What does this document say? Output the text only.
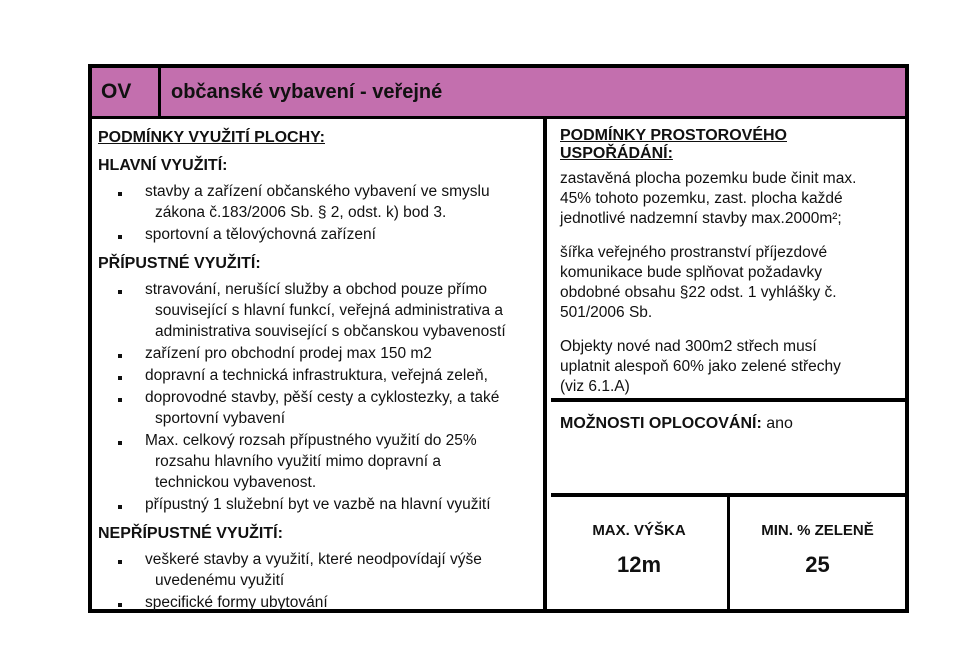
OV	občanské vybavení - veřejné
PODMÍNKY VYUŽITÍ PLOCHY:
HLAVNÍ VYUŽITÍ:
stavby a zařízení občanského vybavení ve smyslu zákona č.183/2006 Sb. § 2, odst. k) bod 3.
sportovní a tělovýchovná zařízení
PŘÍPUSTNÉ VYUŽITÍ:
stravování, nerušící služby a obchod pouze přímo související s hlavní funkcí, veřejná administrativa a administrativa související s občanskou vybaveností
zařízení pro obchodní prodej max 150 m2
dopravní a technická infrastruktura, veřejná zeleň,
doprovodné stavby, pěší cesty a cyklostezky, a také sportovní vybavení
Max. celkový rozsah přípustného využití do 25% rozsahu hlavního využití mimo dopravní a technickou vybavenost.
přípustný 1 služební byt ve vazbě na hlavní využití
NEPŘÍPUSTNÉ VYUŽITÍ:
veškeré stavby a využití, které neodpovídají výše uvedenému využití
specifické formy ubytování
PODMÍNKY PROSTOROVÉHO USPOŘÁDÁNÍ:
zastavěná plocha pozemku bude činit max. 45% tohoto pozemku, zast. plocha každé jednotlivé nadzemní stavby max.2000m²;
šířka veřejného prostranství příjezdové komunikace bude splňovat požadavky obdobné obsahu §22 odst. 1 vyhlášky č. 501/2006 Sb.
Objekty nové nad 300m2 střech musí uplatnit alespoň 60% jako zelené střechy (viz 6.1.A)
MOŽNOSTI OPLOCOVÁNÍ: ano
MAX. VÝŠKA
12m
MIN. % ZELENĚ
25
